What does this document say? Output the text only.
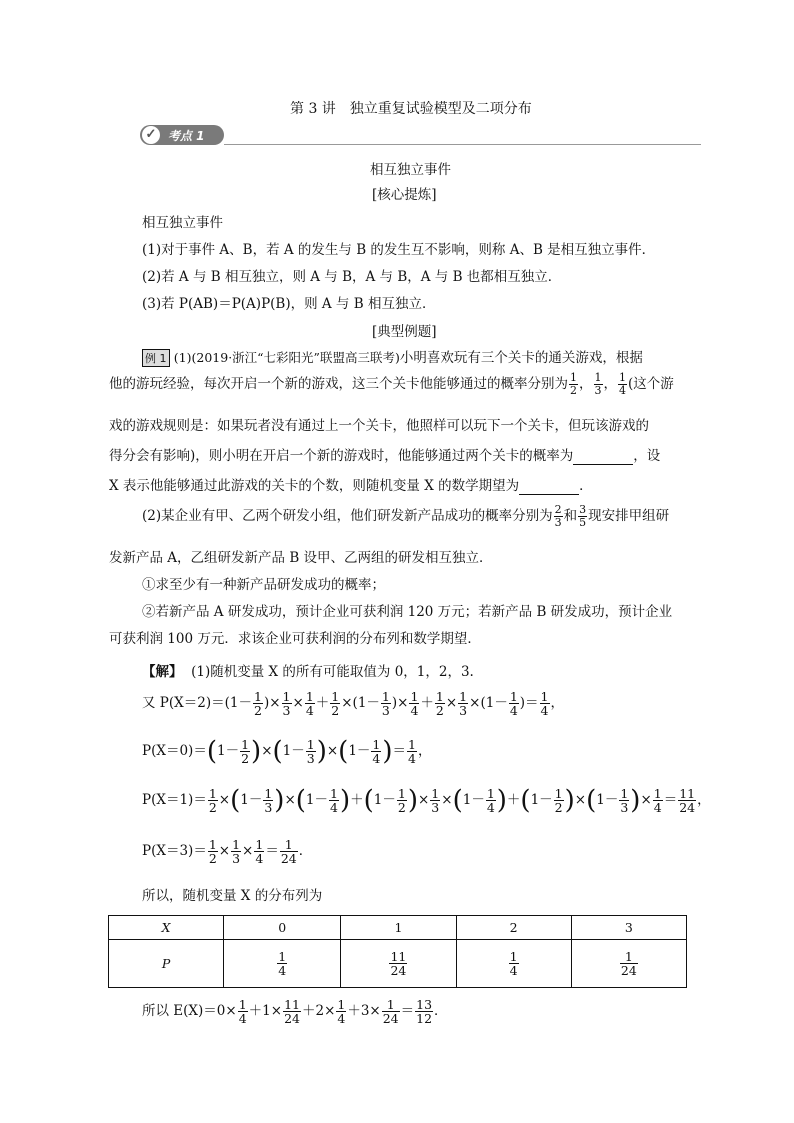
第 3 讲　独立重复试验模型及二项分布
✓ 考点 1
相互独立事件
[核心提炼]
相互独立事件
(1)对于事件 A、B，若 A 的发生与 B 的发生互不影响，则称 A、B 是相互独立事件．
(2)若 A 与 B 相互独立，则 A 与 B，A 与 B，A 与 B 也都相互独立．
(3)若 P(AB)＝P(A)P(B)，则 A 与 B 相互独立．
[典型例题]
例 1 (1)(2019·浙江“七彩阳光”联盟高三联考)小明喜欢玩有三个关卡的通关游戏，根据
他的游玩经验，每次开启一个新的游戏，这三个关卡他能够通过的概率分别为 $\frac{1}{2}$ ， $\frac{1}{3}$ ， $\frac{1}{4}$ (这个游
戏的游戏规则是：如果玩者没有通过上一个关卡，他照样可以玩下一个关卡，但玩该游戏的
得分会有影响)，则小明在开启一个新的游戏时，他能够通过两个关卡的概率为	，设
X 表示他能够通过此游戏的关卡的个数，则随机变量 X 的数学期望为	．
(2)某企业有甲、乙两个研发小组，他们研发新产品成功的概率分别为 $\frac{2}{3}$ 和 $\frac{3}{5}$ 现安排甲组研
发新产品 A，乙组研发新产品 B 设甲、乙两组的研发相互独立．
①求至少有一种新产品研发成功的概率；
②若新产品 A 研发成功，预计企业可获利润 120 万元；若新产品 B 研发成功，预计企业
可获利润 100 万元．求该企业可获利润的分布列和数学期望．
【解】 (1)随机变量 X 的所有可能取值为 0，1，2，3.
又 $P(X=2)=(1- \frac{1}{2}$ )× $\frac{1}{3} \times \frac{1}{4} + \frac{1}{2} \times(1- \frac{1}{3}$ )× $\frac{1}{4} + \frac{1}{2} \times \frac{1}{3} \times(1- \frac{1}{4}$ )＝ $\frac{1}{4}$ ，
$P(X=0)=(1- \frac{1}{2} )\times(1- \frac{1}{3} )\times(1- \frac{1}{4}$ )＝ $\frac{1}{4}$ ，
$P(X=1)= \frac{1}{2} \times(1- \frac{1}{3} )\times(1- \frac{1}{4} )+(1- \frac{1}{2}$ )× $\frac{1}{3} \times(1- \frac{1}{4} )+(1- \frac{1}{2} )\times(1- \frac{1}{3}$ )× $\frac{1}{4} = \frac{11}{24}$ ，
$P(X=3)= \frac{1}{2} \times \frac{1}{3} \times \frac{1}{4} = \frac{1}{24}$ ．
所以，随机变量 X 的分布列为
X	0	1	2	3
P	$\frac{1}{4}$	$\frac{11}{24}$	$\frac{1}{4}$	$\frac{1}{24}$
所以 $E(X)=0\times \frac{1}{4} +1\times \frac{11}{24} +2\times \frac{1}{4} +3\times \frac{1}{24} = \frac{13}{12}$ ．
